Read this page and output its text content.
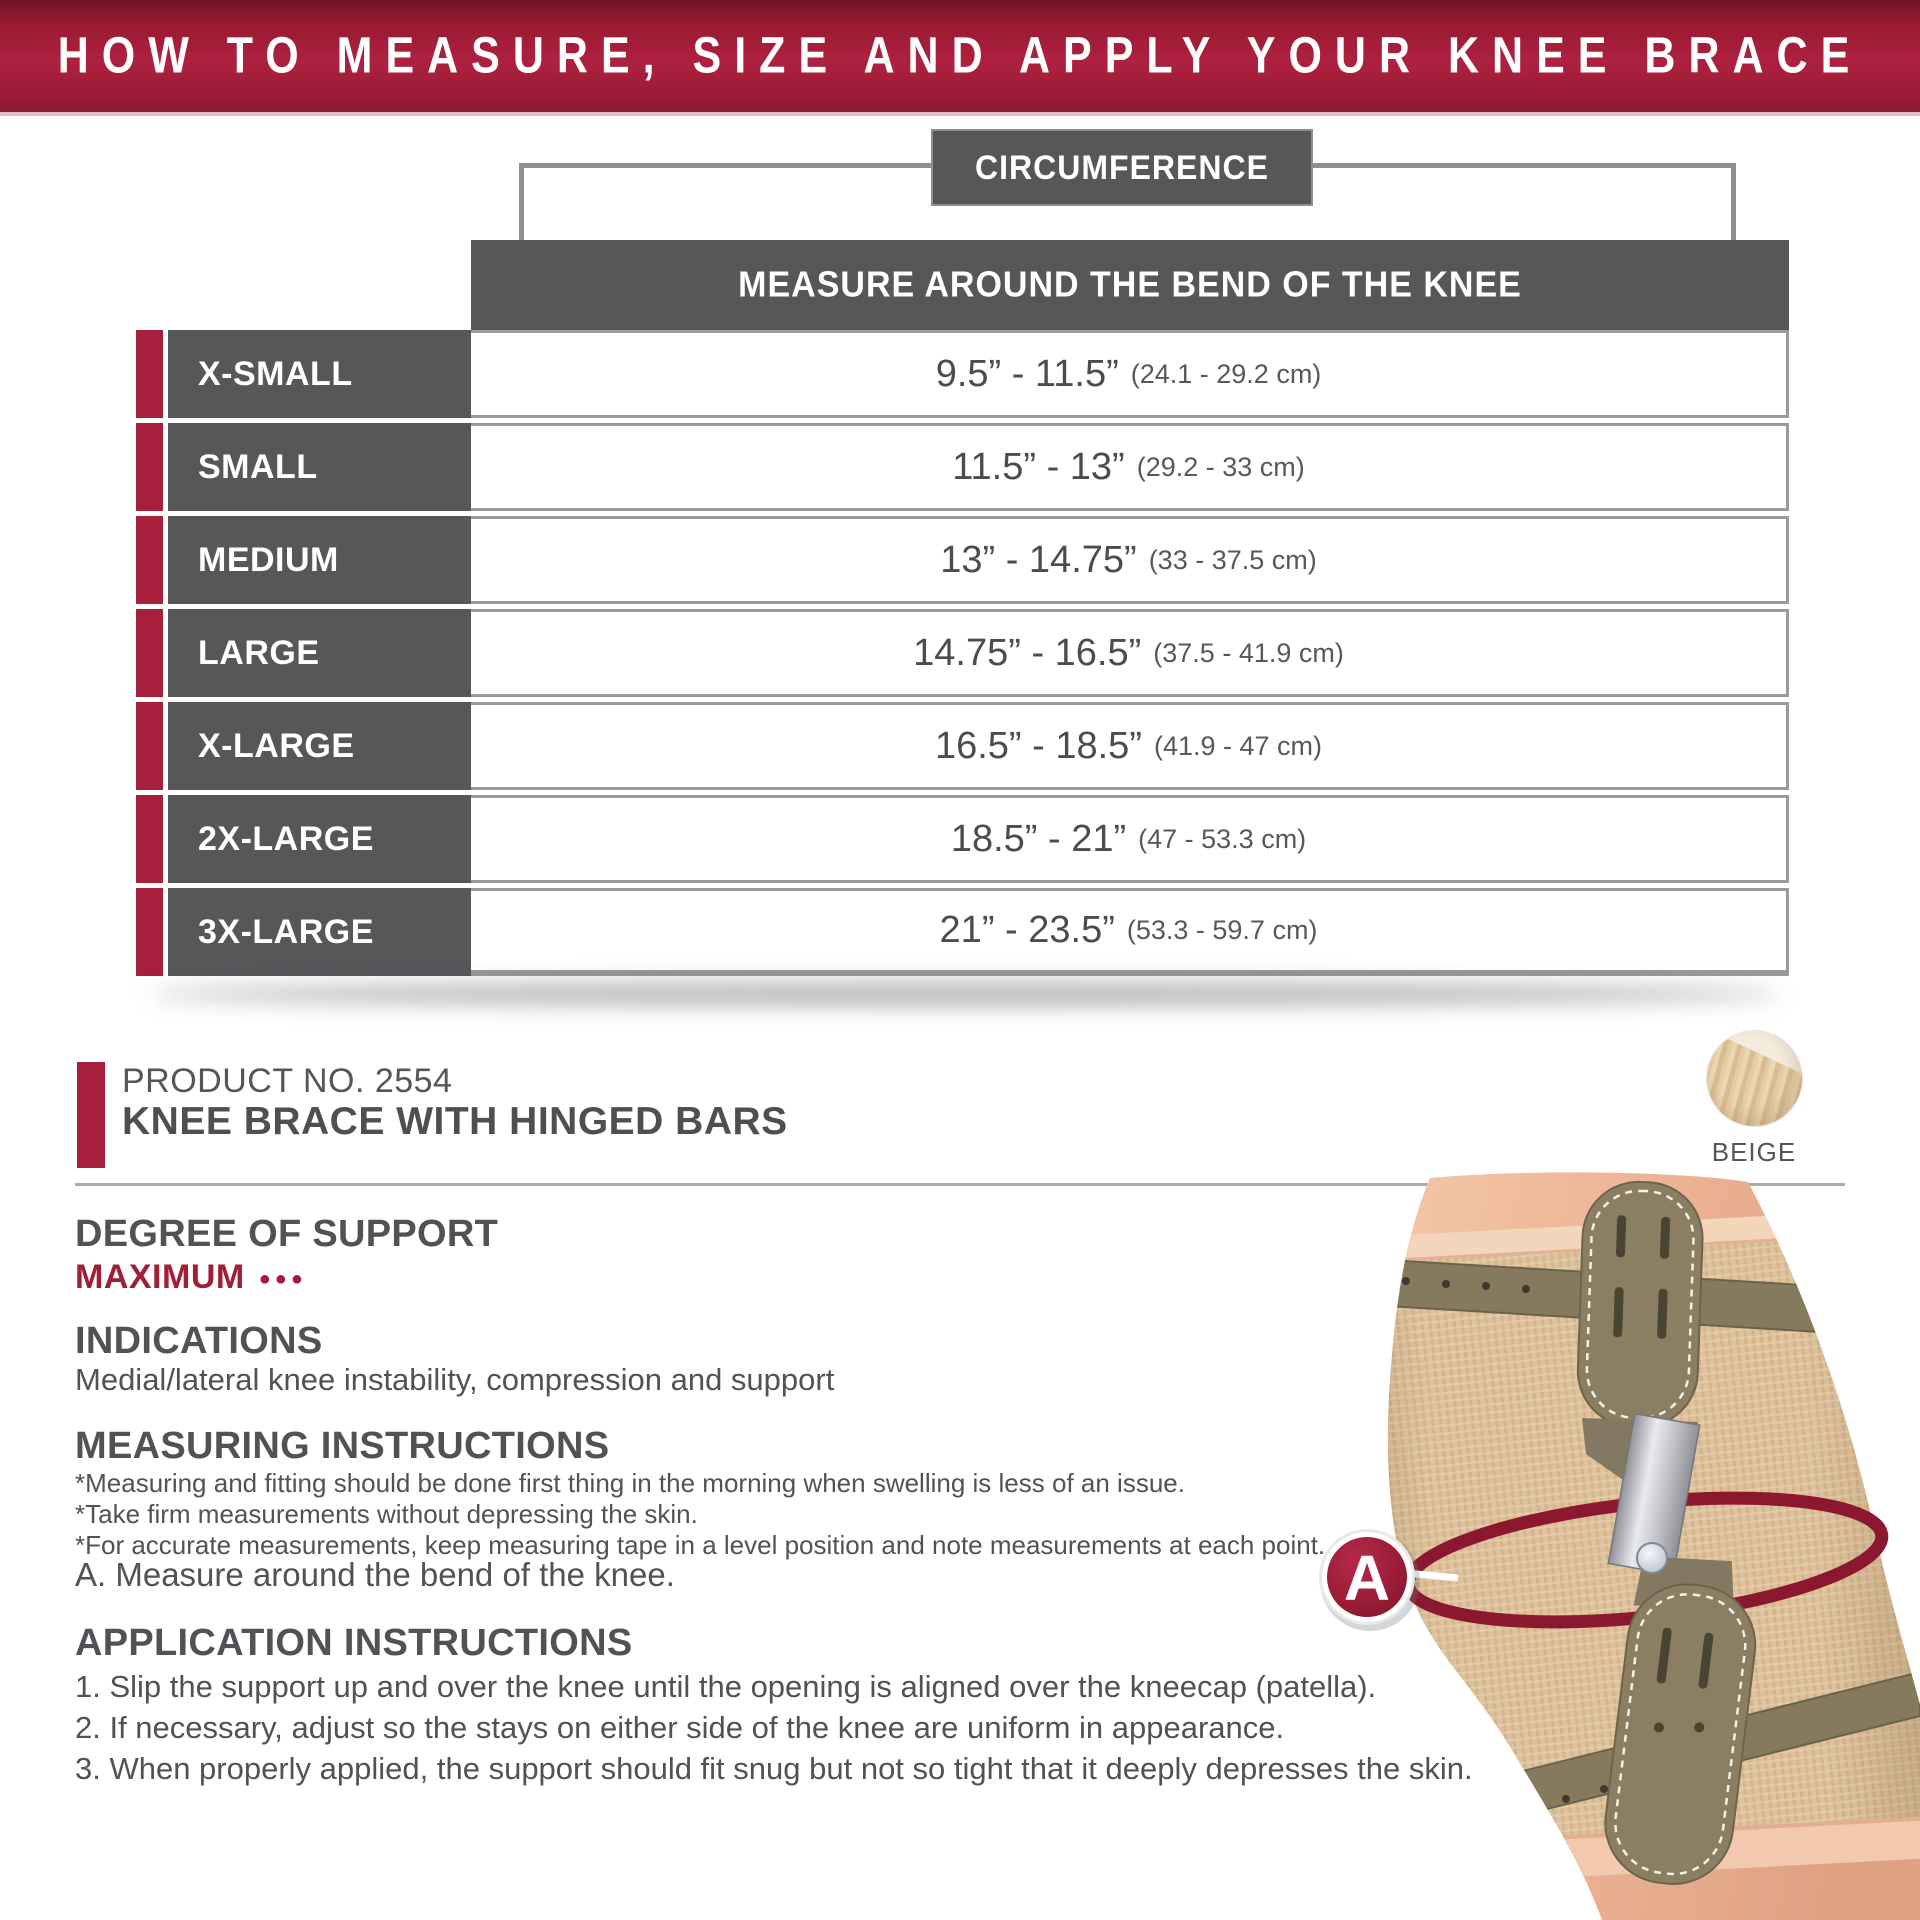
HOW TO MEASURE, SIZE AND APPLY YOUR KNEE BRACE
CIRCUMFERENCE
MEASURE AROUND THE BEND OF THE KNEE
X-SMALL	9.5” - 11.5” (24.1 - 29.2 cm)
SMALL	11.5” - 13” (29.2 - 33 cm)
MEDIUM	13” - 14.75” (33 - 37.5 cm)
LARGE	14.75” - 16.5” (37.5 - 41.9 cm)
X-LARGE	16.5” - 18.5” (41.9 - 47 cm)
2X-LARGE	18.5” - 21” (47 - 53.3 cm)
3X-LARGE	21” - 23.5” (53.3 - 59.7 cm)
PRODUCT NO. 2554
KNEE BRACE WITH HINGED BARS
BEIGE
DEGREE OF SUPPORT
MAXIMUM ●●●
INDICATIONS
Medial/lateral knee instability, compression and support
MEASURING INSTRUCTIONS
*Measuring and fitting should be done first thing in the morning when swelling is less of an issue.
*Take firm measurements without depressing the skin.
*For accurate measurements, keep measuring tape in a level position and note measurements at each point.
A. Measure around the bend of the knee.
APPLICATION INSTRUCTIONS
1. Slip the support up and over the knee until the opening is aligned over the kneecap (patella).
2. If necessary, adjust so the stays on either side of the knee are uniform in appearance.
3. When properly applied, the support should fit snug but not so tight that it deeply depresses the skin.
A
